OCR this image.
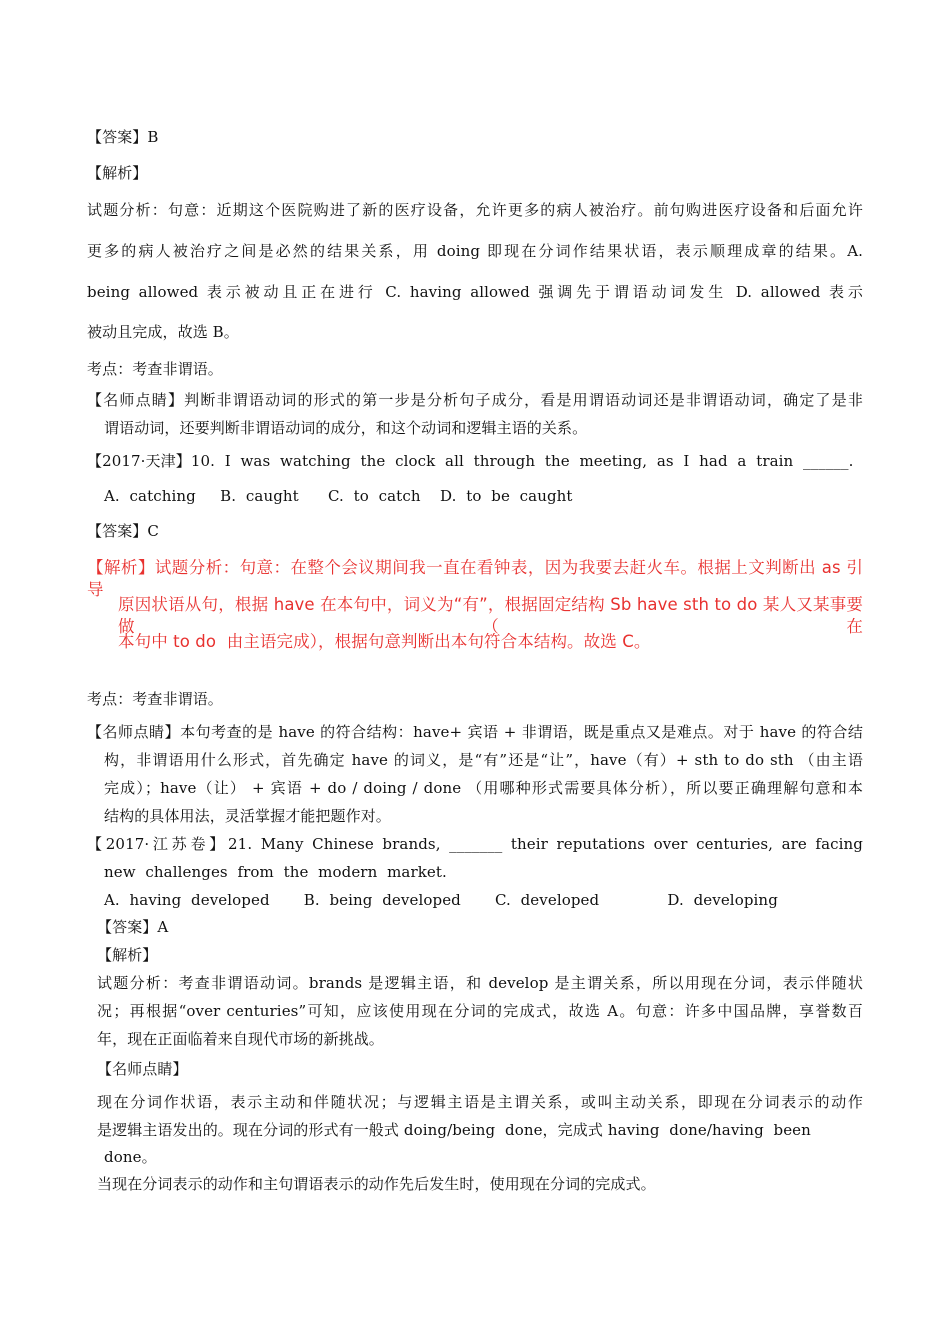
【答案】B
【解析】
试题分析：句意：近期这个医院购进了新的医疗设备，允许更多的病人被治疗。前句购进医疗设备和后面允许
更多的病人被治疗之间是必然的结果关系，用 doing 即现在分词作结果状语，表示顺理成章的结果。A.
being allowed 表示被动且正在进行 C. having allowed 强调先于谓语动词发生 D. allowed 表示
被动且完成，故选 B。
考点：考查非谓语。
【名师点睛】判断非谓语动词的形式的第一步是分析句子成分，看是用谓语动词还是非谓语动词，确定了是非
谓语动词，还要判断非谓语动词的成分，和这个动词和逻辑主语的关系。
【2017·天津】10.  I  was  watching  the  clock  all  through  the  meeting,  as  I  had  a  train  ______.
A.  catching     B.  caught      C.  to  catch    D.  to  be  caught
【答案】C
【解析】试题分析：句意：在整个会议期间我一直在看钟表，因为我要去赶火车。根据上文判断出 as 引导
原因状语从句，根据 have 在本句中，词义为“有”，根据固定结构 Sb have sth to do 某人又某事要做（在
本句中 to do  由主语完成），根据句意判断出本句符合本结构。故选 C。
考点：考查非谓语。
【名师点睛】本句考查的是 have 的符合结构：have+ 宾语 + 非谓语，既是重点又是难点。对于 have 的符合结
构，非谓语用什么形式，首先确定 have 的词义，是“有”还是“让”，have（有）+ sth to do sth （由主语
完成）；have（让） + 宾语 + do / doing / done （用哪种形式需要具体分析），所以要正确理解句意和本
结构的具体用法，灵活掌握才能把题作对。
【2017·江苏卷】21. Many Chinese brands, _______ their reputations over centuries, are facing
new  challenges  from  the  modern  market.
A.  having  developed       B.  being  developed       C.  developed              D.  developing
【答案】A
【解析】
试题分析：考查非谓语动词。brands 是逻辑主语，和 develop 是主谓关系，所以用现在分词，表示伴随状
况；再根据“over centuries”可知，应该使用现在分词的完成式，故选 A。句意：许多中国品牌，享誉数百
年，现在正面临着来自现代市场的新挑战。
【名师点睛】
现在分词作状语，表示主动和伴随状况；与逻辑主语是主谓关系，或叫主动关系，即现在分词表示的动作
是逻辑主语发出的。现在分词的形式有一般式 doing/being  done，完成式 having  done/having  been
done。
当现在分词表示的动作和主句谓语表示的动作先后发生时，使用现在分词的完成式。
